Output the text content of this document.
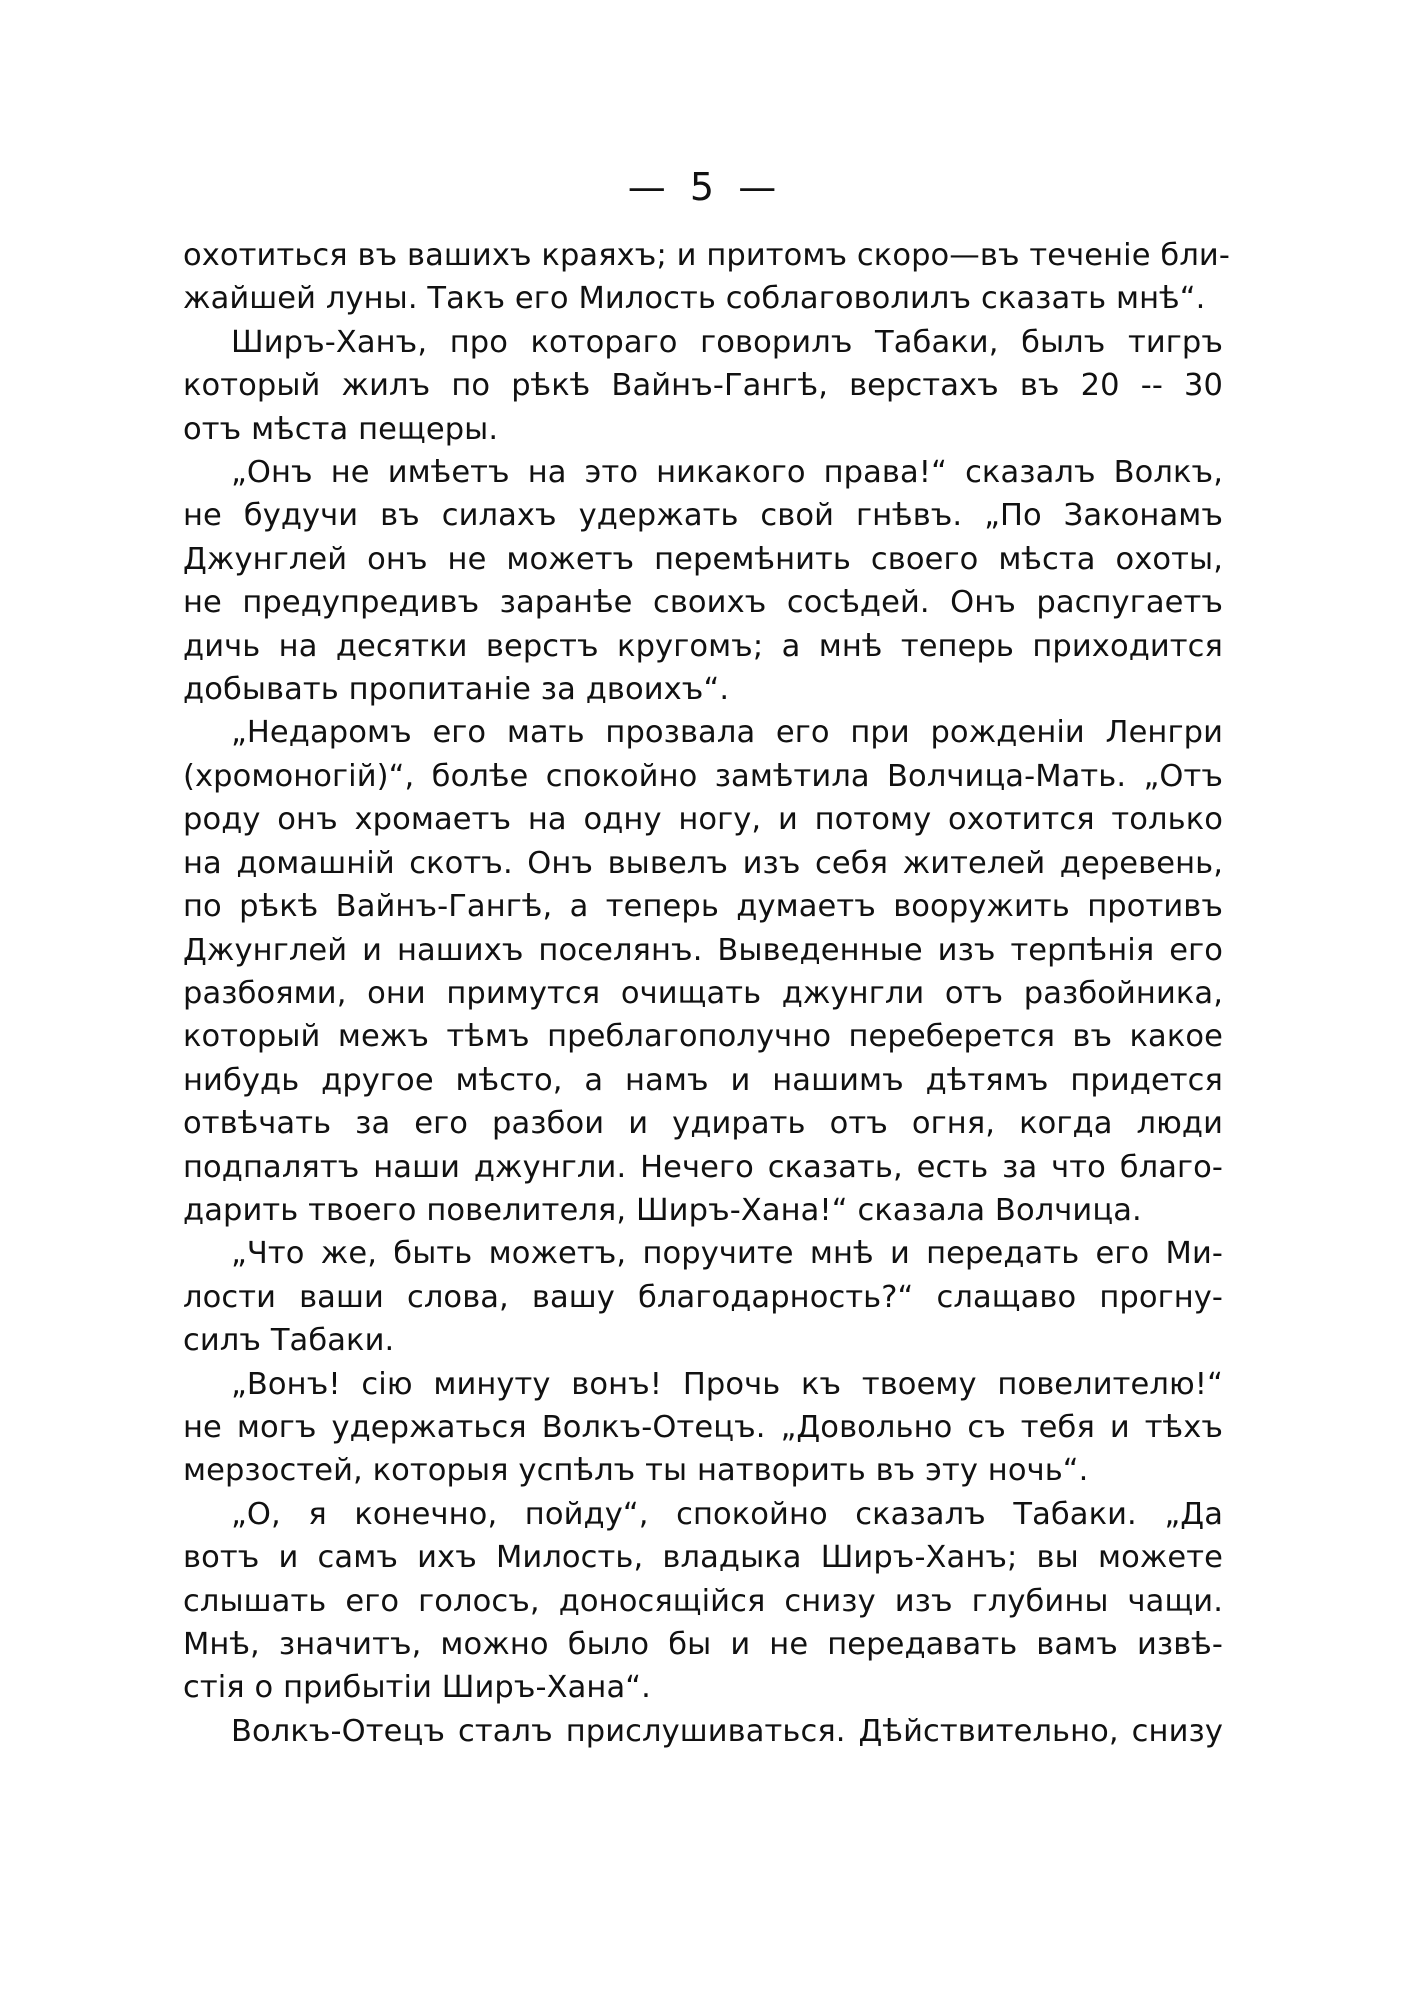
—  5  —

охотиться въ вашихъ краяхъ; и притомъ скоро—въ теченіе бли-
жайшей луны. Такъ его Милость соблаговолилъ сказать мнѣ“.

Ширъ-Ханъ, про котораго говорилъ Табаки, былъ тигръ
который жилъ по рѣкѣ Вайнъ-Гангѣ, верстахъ въ 20 -- 30
отъ мѣста пещеры.

„Онъ не имѣетъ на это никакого права!“ сказалъ Волкъ,
не будучи въ силахъ удержать свой гнѣвъ. „По Законамъ
Джунглей онъ не можетъ перемѣнить своего мѣста охоты,
не предупредивъ заранѣе своихъ сосѣдей. Онъ распугаетъ
дичь на десятки верстъ кругомъ; а мнѣ теперь приходится
добывать пропитаніе за двоихъ“.

„Недаромъ его мать прозвала его при рожденіи Ленгри
(хромоногій)“, болѣе спокойно замѣтила Волчица-Мать. „Отъ
роду онъ хромаетъ на одну ногу, и потому охотится только
на домашній скотъ. Онъ вывелъ изъ себя жителей деревень,
по рѣкѣ Вайнъ-Гангѣ, а теперь думаетъ вооружить противъ
Джунглей и нашихъ поселянъ. Выведенные изъ терпѣнія его
разбоями, они примутся очищать джунгли отъ разбойника,
который межъ тѣмъ преблагополучно переберется въ какое
нибудь другое мѣсто, а намъ и нашимъ дѣтямъ придется
отвѣчать за его разбои и удирать отъ огня, когда люди
подпалятъ наши джунгли. Нечего сказать, есть за что благо-
дарить твоего повелителя, Ширъ-Хана!“ сказала Волчица.

„Что же, быть можетъ, поручите мнѣ и передать его Ми-
лости ваши слова, вашу благодарность?“ слащаво прогну-
силъ Табаки.

„Вонъ! сію минуту вонъ! Прочь къ твоему повелителю!“
не могъ удержаться Волкъ-Отецъ. „Довольно съ тебя и тѣхъ
мерзостей, которыя успѣлъ ты натворить въ эту ночь“.

„О, я конечно, пойду“, спокойно сказалъ Табаки. „Да
вотъ и самъ ихъ Милость, владыка Ширъ-Ханъ; вы можете
слышать его голосъ, доносящійся снизу изъ глубины чащи.
Мнѣ, значитъ, можно было бы и не передавать вамъ извѣ-
стія о прибытіи Ширъ-Хана“.

Волкъ-Отецъ сталъ прислушиваться. Дѣйствительно, снизу
